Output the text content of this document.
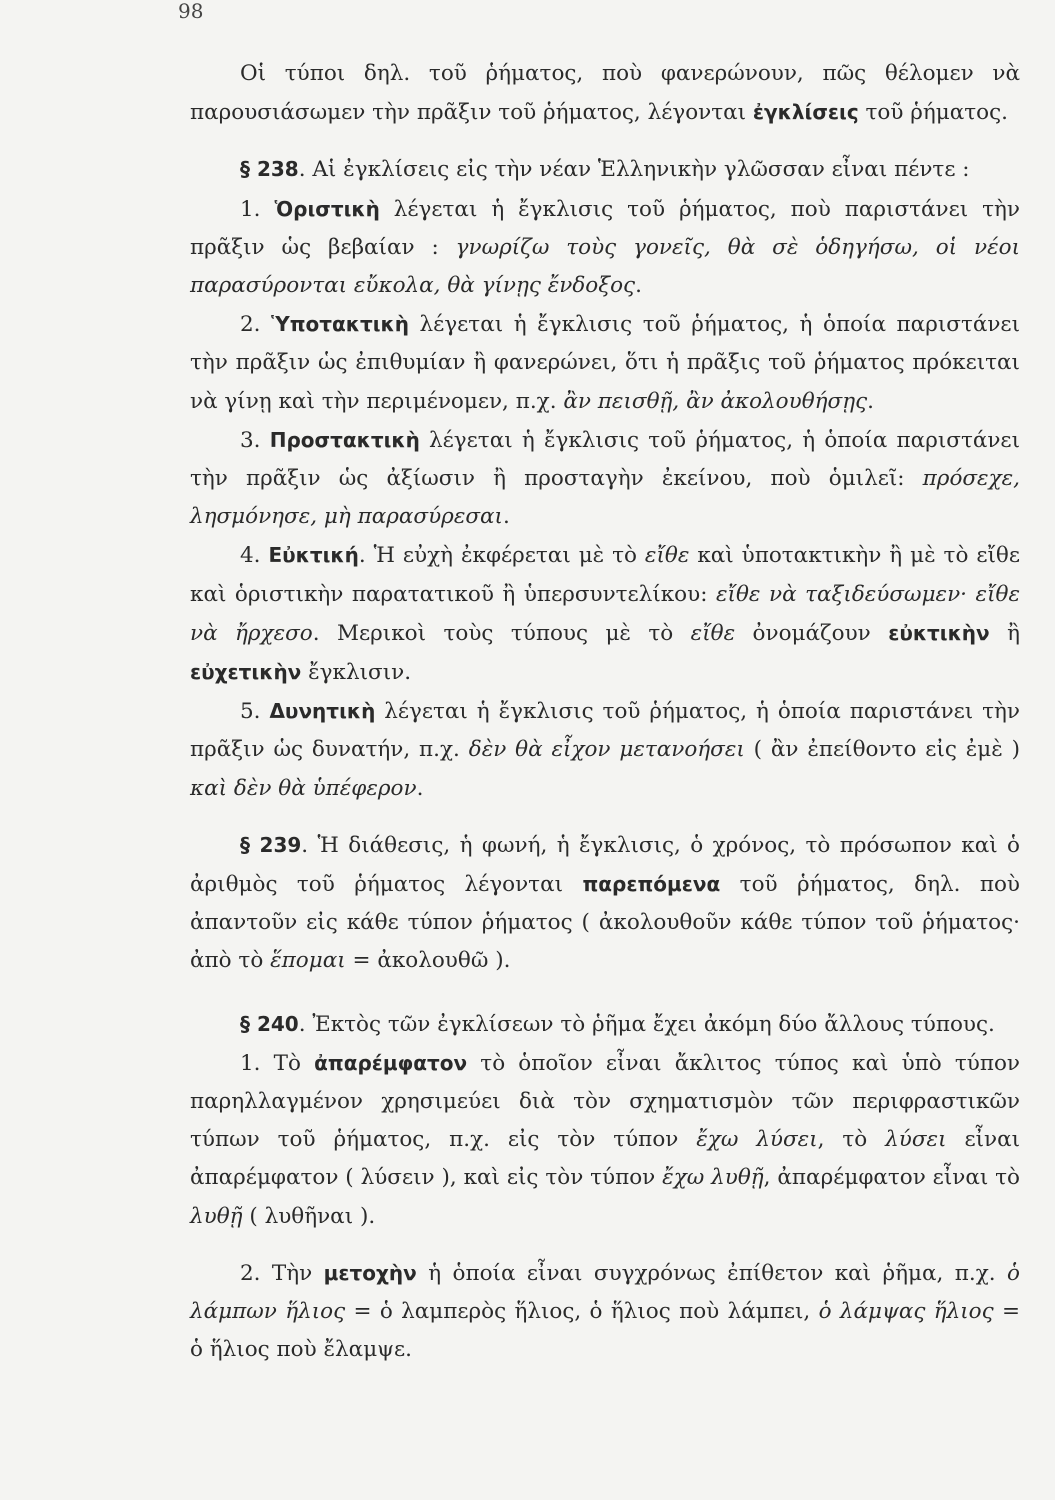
98

Οἱ τύποι δηλ. τοῦ ῥήματος, ποὺ φανερώνουν, πῶς θέλομεν νὰ παρουσιάσωμεν τὴν πρᾶξιν τοῦ ῥήματος, λέγονται ἐγκλίσεις τοῦ ῥήματος.

§ 238. Αἱ ἐγκλίσεις εἰς τὴν νέαν Ἑλληνικὴν γλῶσσαν εἶναι πέντε :

1. Ὁριστικὴ λέγεται ἡ ἔγκλισις τοῦ ῥήματος, ποὺ παριστάνει τὴν πρᾶξιν ὡς βεβαίαν : γνωρίζω τοὺς γονεῖς, θὰ σὲ ὁδηγήσω, οἱ νέοι παρασύρονται εὔκολα, θὰ γίνῃς ἔνδοξος.

2. Ὑποτακτικὴ λέγεται ἡ ἔγκλισις τοῦ ῥήματος, ἡ ὁποία παριστάνει τὴν πρᾶξιν ὡς ἐπιθυμίαν ἢ φανερώνει, ὅτι ἡ πρᾶξις τοῦ ῥήματος πρόκειται νὰ γίνῃ καὶ τὴν περιμένομεν, π.χ. ἂν πεισθῇ, ἂν ἀκολουθήσῃς.

3. Προστακτικὴ λέγεται ἡ ἔγκλισις τοῦ ῥήματος, ἡ ὁποία παριστάνει τὴν πρᾶξιν ὡς ἀξίωσιν ἢ προσταγὴν ἐκείνου, ποὺ ὁμιλεῖ: πρόσεχε, λησμόνησε, μὴ παρασύρεσαι.

4. Εὐκτική. Ἡ εὐχὴ ἐκφέρεται μὲ τὸ εἴθε καὶ ὑποτακτικὴν ἢ μὲ τὸ εἴθε καὶ ὁριστικὴν παρατατικοῦ ἢ ὑπερσυντελίκου: εἴθε νὰ ταξιδεύσωμεν· εἴθε νὰ ἤρχεσο. Μερικοὶ τοὺς τύπους μὲ τὸ εἴθε ὀνομάζουν εὐκτικὴν ἢ εὐχετικὴν ἔγκλισιν.

5. Δυνητικὴ λέγεται ἡ ἔγκλισις τοῦ ῥήματος, ἡ ὁποία παριστάνει τὴν πρᾶξιν ὡς δυνατήν, π.χ. δὲν θὰ εἶχον μετανοήσει ( ἂν ἐπείθοντο εἰς ἐμὲ ) καὶ δὲν θὰ ὑπέφερον.

§ 239. Ἡ διάθεσις, ἡ φωνή, ἡ ἔγκλισις, ὁ χρόνος, τὸ πρόσωπον καὶ ὁ ἀριθμὸς τοῦ ῥήματος λέγονται παρεπόμενα τοῦ ῥήματος, δηλ. ποὺ ἀπαντοῦν εἰς κάθε τύπον ῥήματος ( ἀκολουθοῦν κάθε τύπον τοῦ ῥήματος· ἀπὸ τὸ ἕπομαι = ἀκολουθῶ ).

§ 240. Ἐκτὸς τῶν ἐγκλίσεων τὸ ῥῆμα ἔχει ἀκόμη δύο ἄλλους τύπους.

1. Τὸ ἀπαρέμφατον τὸ ὁποῖον εἶναι ἄκλιτος τύπος καὶ ὑπὸ τύπον παρηλλαγμένον χρησιμεύει διὰ τὸν σχηματισμὸν τῶν περιφραστικῶν τύπων τοῦ ῥήματος, π.χ. εἰς τὸν τύπον ἔχω λύσει, τὸ λύσει εἶναι ἀπαρέμφατον ( λύσειν ), καὶ εἰς τὸν τύπον ἔχω λυθῇ, ἀπαρέμφατον εἶναι τὸ λυθῇ ( λυθῆναι ).

2. Τὴν μετοχὴν ἡ ὁποία εἶναι συγχρόνως ἐπίθετον καὶ ῥῆμα, π.χ. ὁ λάμπων ἥλιος = ὁ λαμπερὸς ἥλιος, ὁ ἥλιος ποὺ λάμπει, ὁ λάμψας ἥλιος = ὁ ἥλιος ποὺ ἔλαμψε.
